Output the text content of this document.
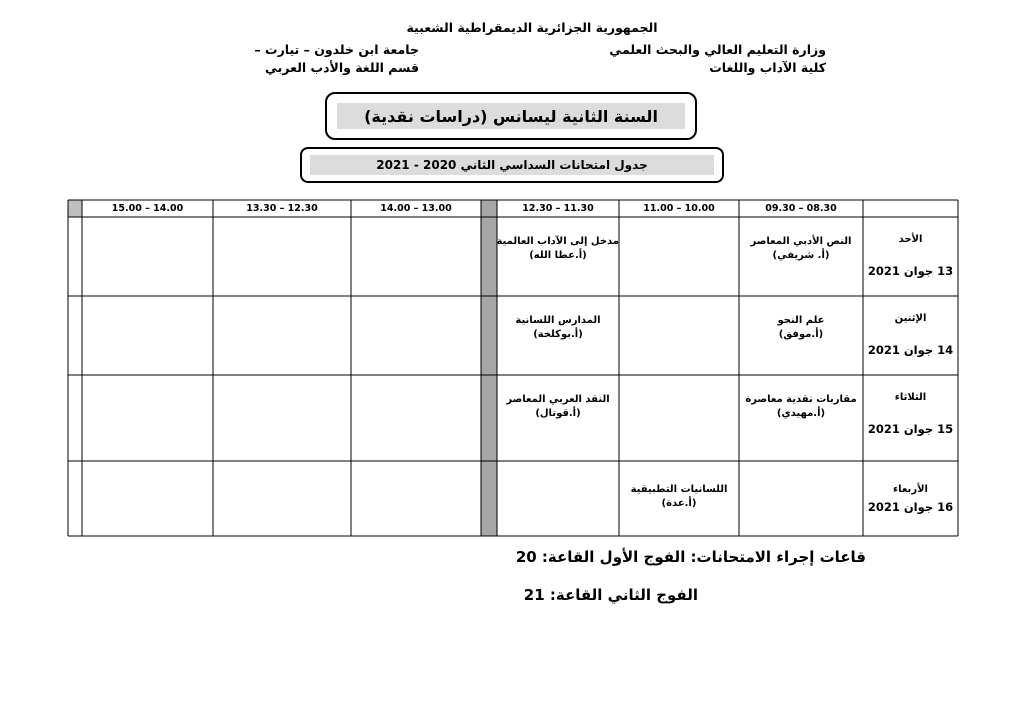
الجمهورية الجزائرية الديمقراطية الشعبية
وزارة التعليم العالي والبحث العلمي
كلية الآداب واللغات
جامعة ابن خلدون – تيارت –
قسم اللغة والأدب العربي
السنة الثانية ليسانس (دراسات نقدية)
جدول امتحانات السداسي الثاني 2020 - 2021
09.30 – 08.30
11.00 – 10.00
12.30 – 11.30
14.00 – 13.00
13.30 – 12.30
15.00 – 14.00
الأحد
13 جوان 2021
النص الأدبي المعاصر
(أ. شريفي)
مدخل إلى الآداب العالمية
(أ.عطا الله)
الإثنين
14 جوان 2021
علم النحو
(أ.موفق)
المدارس اللسانية
(أ.بوكلخة)
الثلاثاء
15 جوان 2021
مقاربات نقدية معاصرة
(أ.مهيدي)
النقد العربي المعاصر
(أ.قوتال)
الأربعاء
16 جوان 2021
اللسانيات التطبيقية
(أ.عدة)
قاعات إجراء الامتحانات: الفوج الأول القاعة: 20
الفوج الثاني القاعة: 21
